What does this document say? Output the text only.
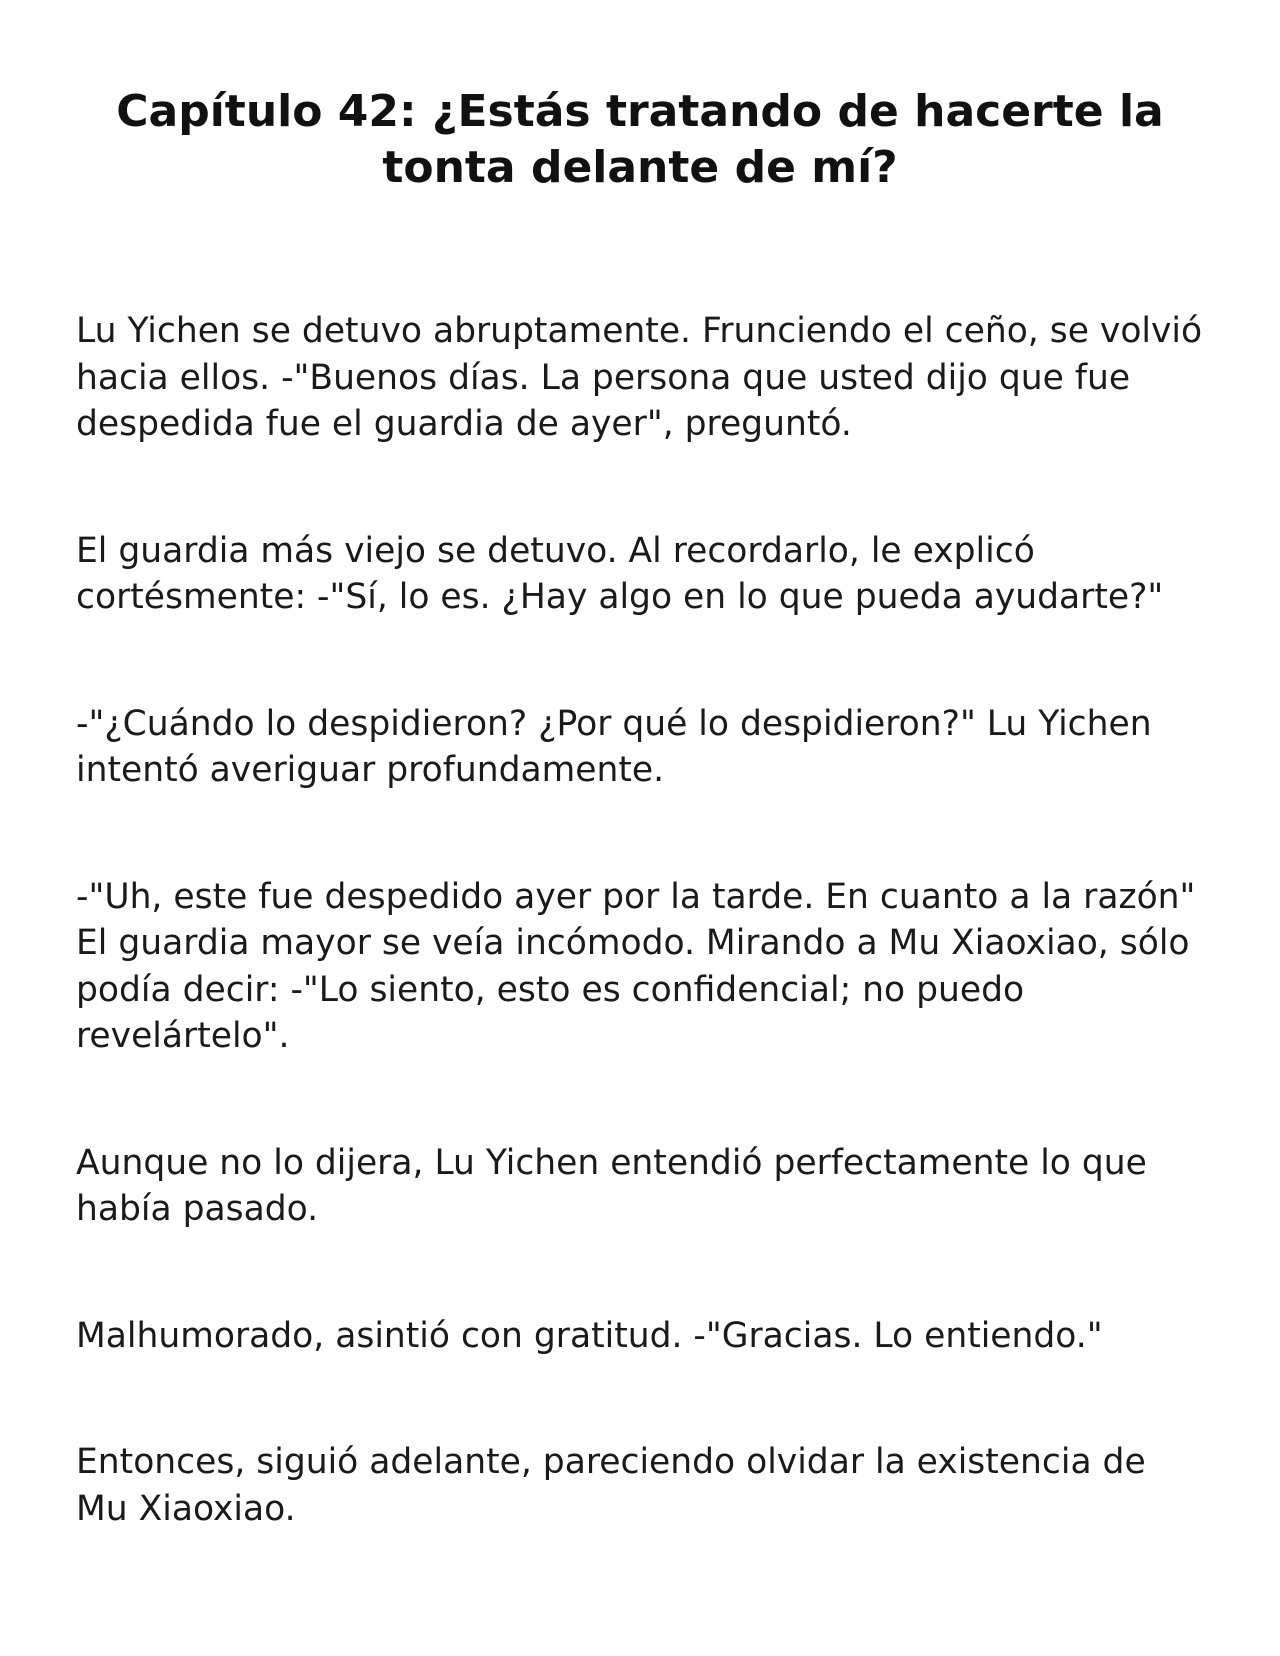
Capítulo 42: ¿Estás tratando de hacerte la tonta delante de mí?

Lu Yichen se detuvo abruptamente. Frunciendo el ceño, se volvió hacia ellos. -"Buenos días. La persona que usted dijo que fue despedida fue el guardia de ayer", preguntó.

El guardia más viejo se detuvo. Al recordarlo, le explicó cortésmente: -"Sí, lo es. ¿Hay algo en lo que pueda ayudarte?"

-"¿Cuándo lo despidieron? ¿Por qué lo despidieron?" Lu Yichen intentó averiguar profundamente.

-"Uh, este fue despedido ayer por la tarde. En cuanto a la razón" El guardia mayor se veía incómodo. Mirando a Mu Xiaoxiao, sólo podía decir: -"Lo siento, esto es confidencial; no puedo revelártelo".

Aunque no lo dijera, Lu Yichen entendió perfectamente lo que había pasado.

Malhumorado, asintió con gratitud. -"Gracias. Lo entiendo."

Entonces, siguió adelante, pareciendo olvidar la existencia de Mu Xiaoxiao.
